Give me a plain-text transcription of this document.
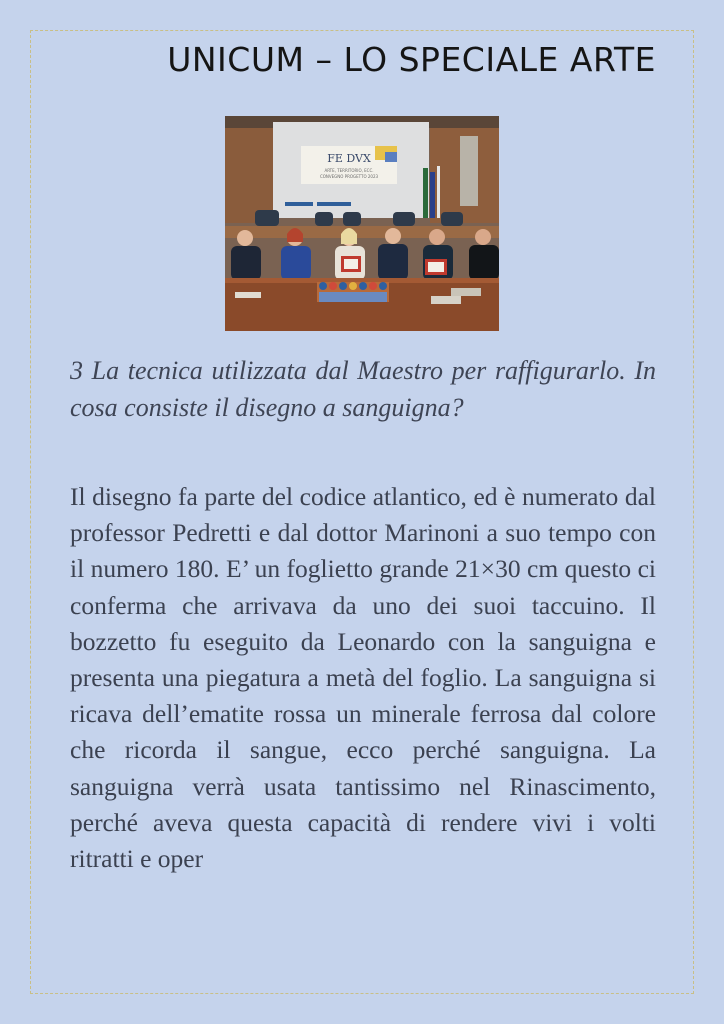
UNICUM – LO SPECIALE ARTE
FE DVX
ARTE, TERRITORIO, ECC.
CONVEGNO PROGETTO 2023

3 La tecnica utilizzata dal Maestro per raffigurarlo. In cosa consiste il disegno a sanguigna?

Il disegno fa parte del codice atlantico, ed è numerato dal professor Pedretti e dal dottor Marinoni a suo tempo con il numero 180. E’ un foglietto grande 21×30 cm questo ci conferma che arrivava da uno dei suoi taccuino. Il bozzetto fu eseguito da Leonardo con la sanguigna e presenta una piegatura a metà del foglio. La sanguigna si ricava dell’ematite rossa un minerale ferrosa dal colore che ricorda il sangue, ecco perché sanguigna. La sanguigna verrà usata tantissimo nel Rinascimento, perché aveva questa capacità di rendere vivi i volti ritratti e oper
